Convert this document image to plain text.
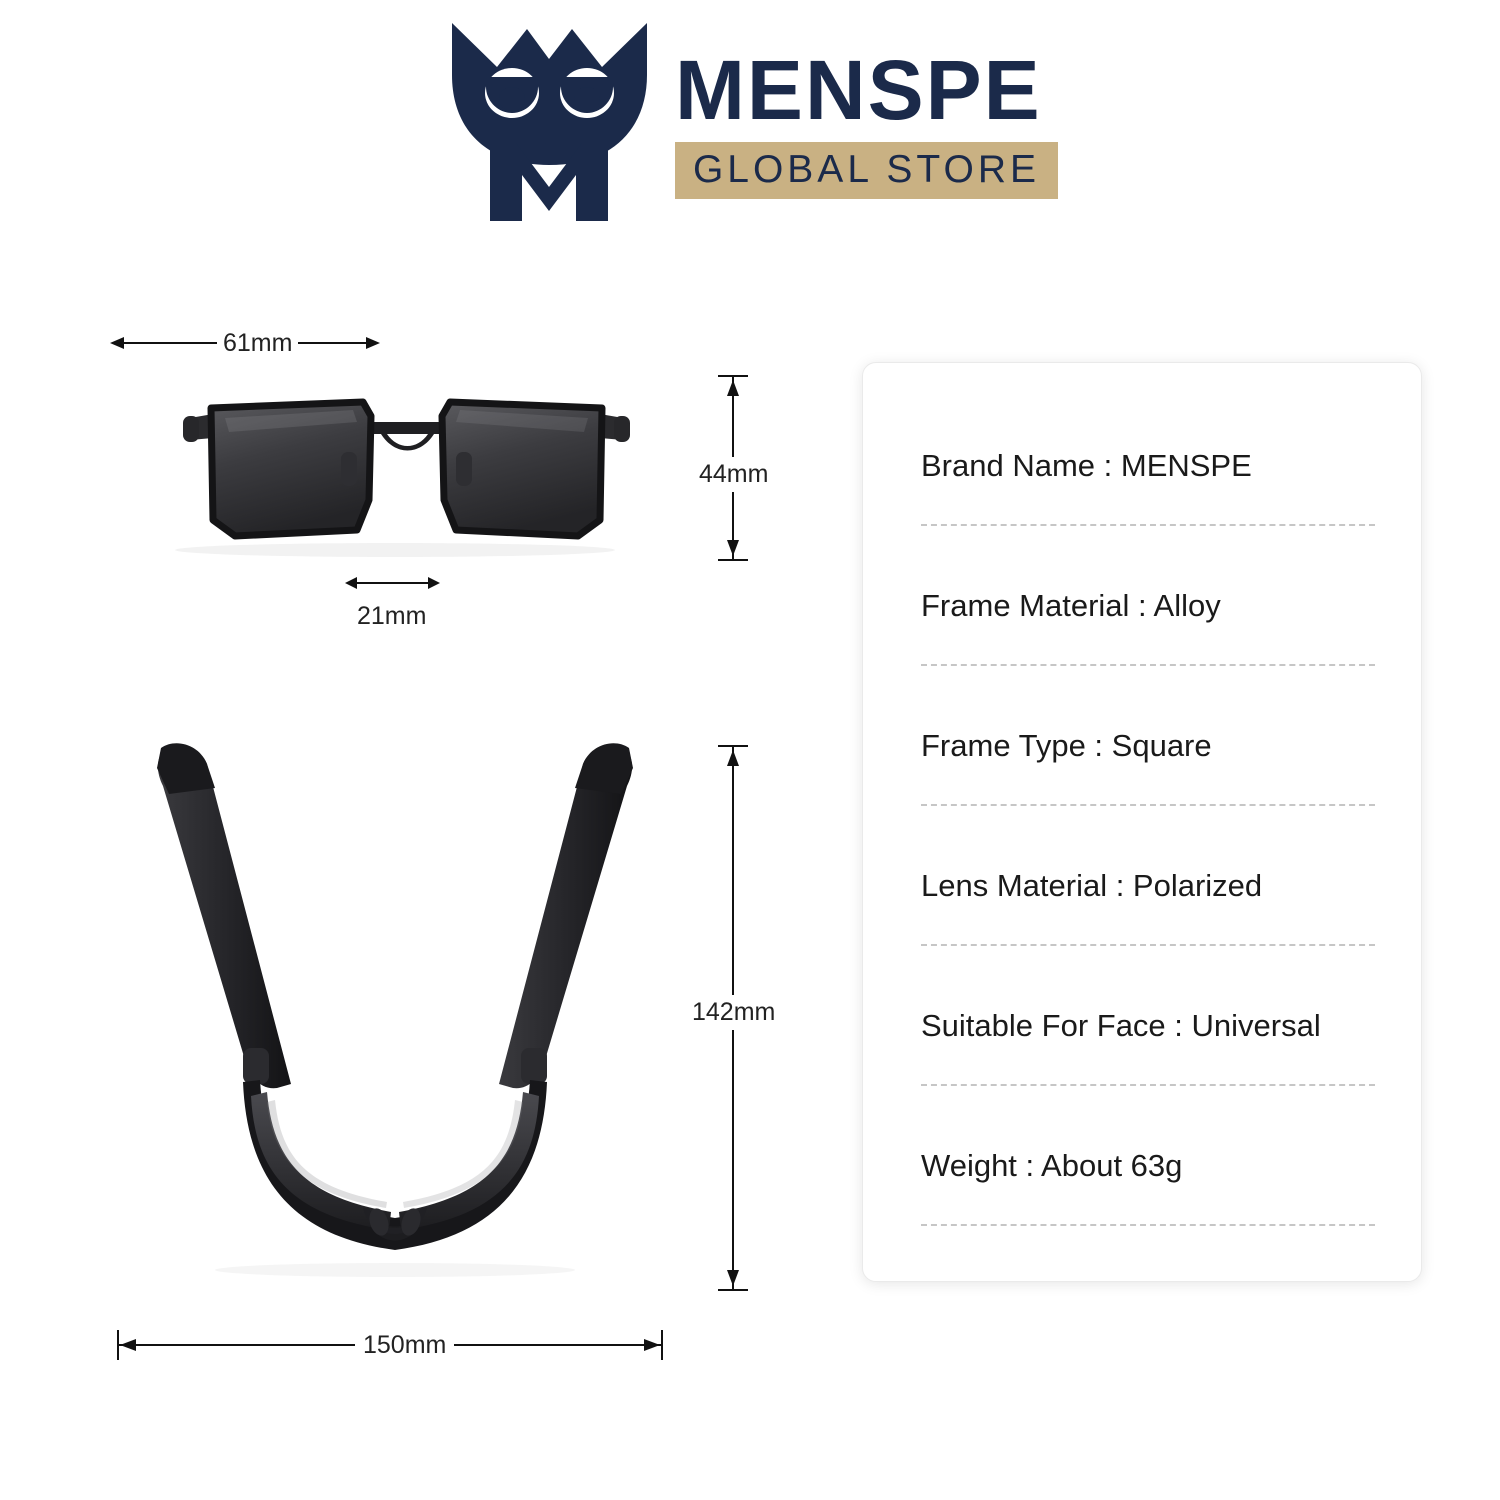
MENSPE
GLOBAL STORE
61mm
44mm
21mm
142mm
150mm
Brand Name : MENSPE
Frame Material : Alloy
Frame Type : Square
Lens Material : Polarized
Suitable For Face : Universal
Weight : About 63g
